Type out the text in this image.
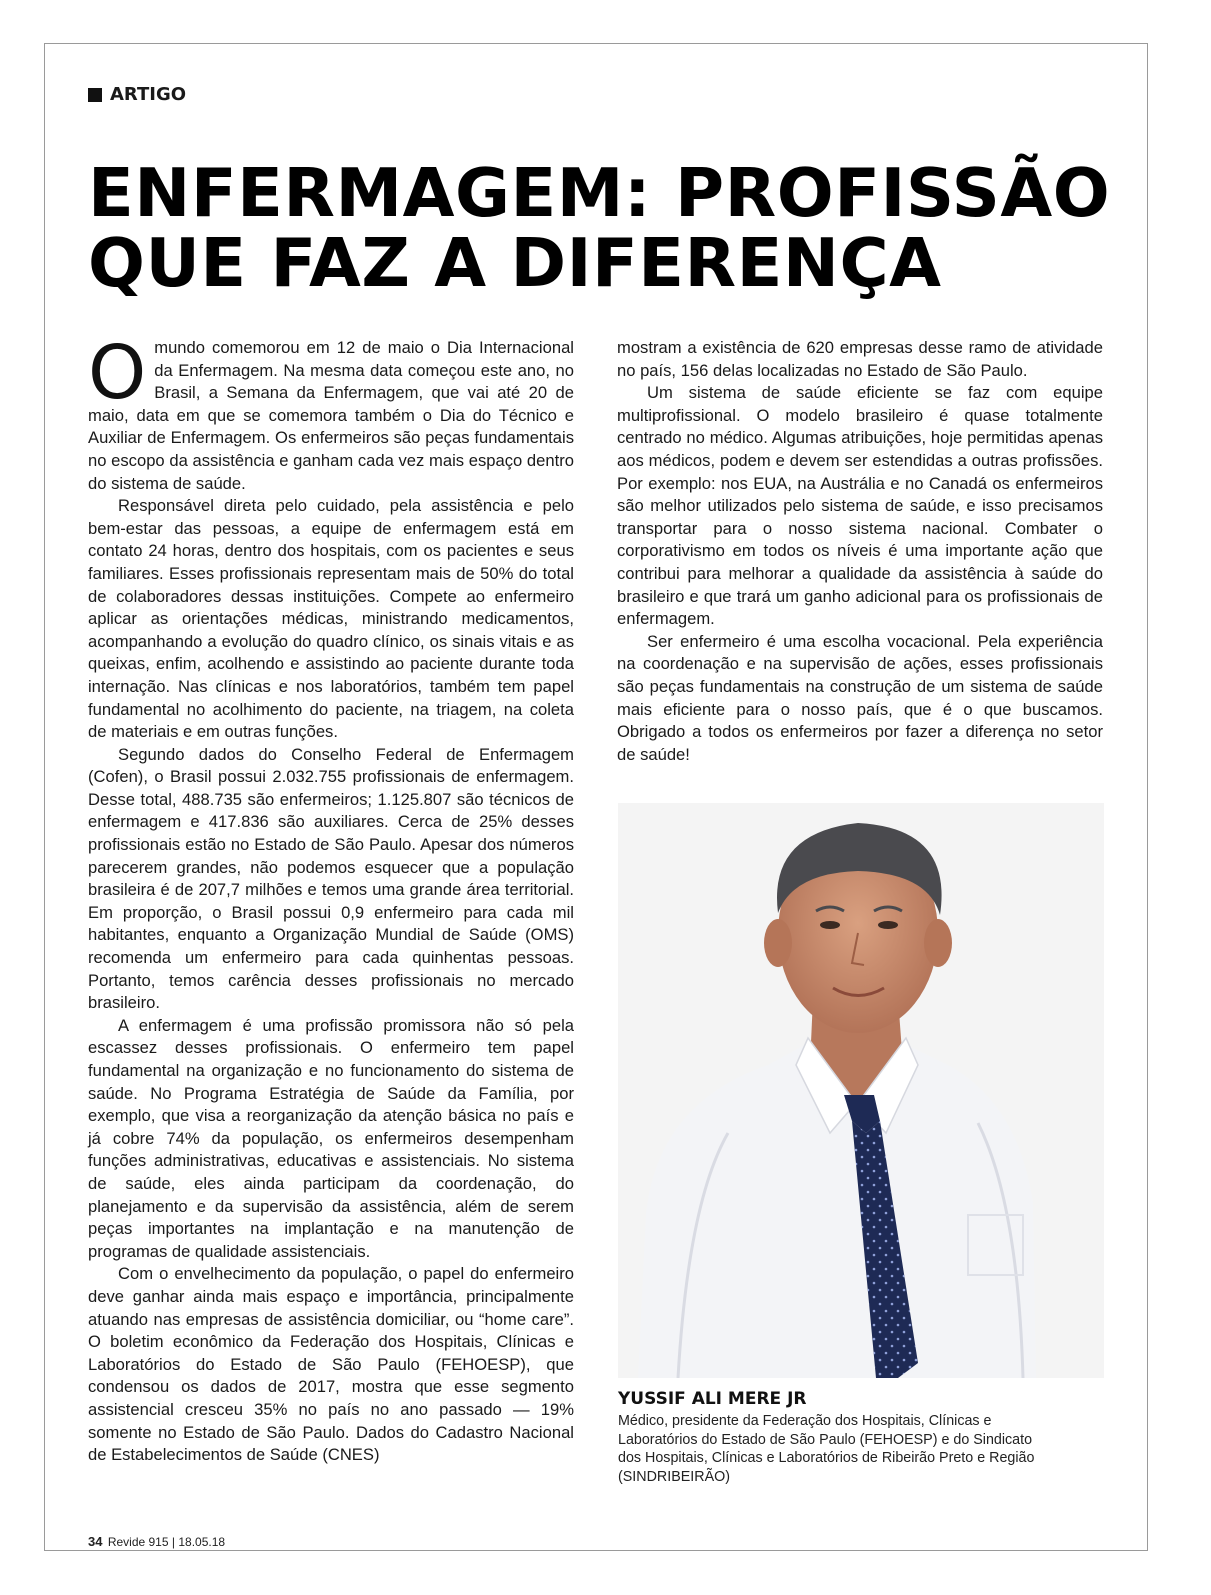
ARTIGO
ENFERMAGEM: PROFISSÃO
QUE FAZ A DIFERENÇA

Omundo comemorou em 12 de maio o Dia Internacional da Enfermagem. Na mesma data começou este ano, no Brasil, a Semana da Enfermagem, que vai até 20 de maio, data em que se comemora também o Dia do Técnico e Auxiliar de Enfermagem. Os enfermeiros são peças fundamentais no escopo da assistência e ganham cada vez mais espaço dentro do sistema de saúde.

Responsável direta pelo cuidado, pela assistência e pelo bem-estar das pessoas, a equipe de enfermagem está em contato 24 horas, dentro dos hospitais, com os pacientes e seus familiares. Esses profissionais representam mais de 50% do total de colaboradores dessas instituições. Compete ao enfermeiro aplicar as orientações médicas, ministrando medicamentos, acompanhando a evolução do quadro clínico, os sinais vitais e as queixas, enfim, acolhendo e assistindo ao paciente durante toda internação. Nas clínicas e nos laboratórios, também tem papel fundamental no acolhimento do paciente, na triagem, na coleta de materiais e em outras funções.

Segundo dados do Conselho Federal de Enfermagem (Cofen), o Brasil possui 2.032.755 profissionais de enfermagem. Desse total, 488.735 são enfermeiros; 1.125.807 são técnicos de enfermagem e 417.836 são auxiliares. Cerca de 25% desses profissionais estão no Estado de São Paulo. Apesar dos números parecerem grandes, não podemos esquecer que a população brasileira é de 207,7 milhões e temos uma grande área territorial. Em proporção, o Brasil possui 0,9 enfermeiro para cada mil habitantes, enquanto a Organização Mundial de Saúde (OMS) recomenda um enfermeiro para cada quinhentas pessoas. Portanto, temos carência desses profissionais no mercado brasileiro.

A enfermagem é uma profissão promissora não só pela escassez desses profissionais. O enfermeiro tem papel fundamental na organização e no funcionamento do sistema de saúde. No Programa Estratégia de Saúde da Família, por exemplo, que visa a reorganização da atenção básica no país e já cobre 74% da população, os enfermeiros desempenham funções administrativas, educativas e assistenciais. No sistema de saúde, eles ainda participam da coordenação, do planejamento e da supervisão da assistência, além de serem peças importantes na implantação e na manutenção de programas de qualidade assistenciais.

Com o envelhecimento da população, o papel do enfermeiro deve ganhar ainda mais espaço e importância, principalmente atuando nas empresas de assistência domiciliar, ou “home care”. O boletim econômico da Federação dos Hospitais, Clínicas e Laboratórios do Estado de São Paulo (FEHOESP), que condensou os dados de 2017, mostra que esse segmento assistencial cresceu 35% no país no ano passado — 19% somente no Estado de São Paulo. Dados do Cadastro Nacional de Estabelecimentos de Saúde (CNES)

mostram a existência de 620 empresas desse ramo de atividade no país, 156 delas localizadas no Estado de São Paulo.

Um sistema de saúde eficiente se faz com equipe multiprofissional. O modelo brasileiro é quase totalmente centrado no médico. Algumas atribuições, hoje permitidas apenas aos médicos, podem e devem ser estendidas a outras profissões. Por exemplo: nos EUA, na Austrália e no Canadá os enfermeiros são melhor utilizados pelo sistema de saúde, e isso precisamos transportar para o nosso sistema nacional. Combater o corporativismo em todos os níveis é uma importante ação que contribui para melhorar a qualidade da assistência à saúde do brasileiro e que trará um ganho adicional para os profissionais de enfermagem.

Ser enfermeiro é uma escolha vocacional. Pela experiência na coordenação e na supervisão de ações, esses profissionais são peças fundamentais na construção de um sistema de saúde mais eficiente para o nosso país, que é o que buscamos. Obrigado a todos os enfermeiros por fazer a diferença no setor de saúde!

YUSSIF ALI MERE JR
Médico, presidente da Federação dos Hospitais, Clínicas e Laboratórios do Estado de São Paulo (FEHOESP) e do Sindicato dos Hospitais, Clínicas e Laboratórios de Ribeirão Preto e Região (SINDRIBEIRÃO)
34 Revide 915 | 18.05.18
